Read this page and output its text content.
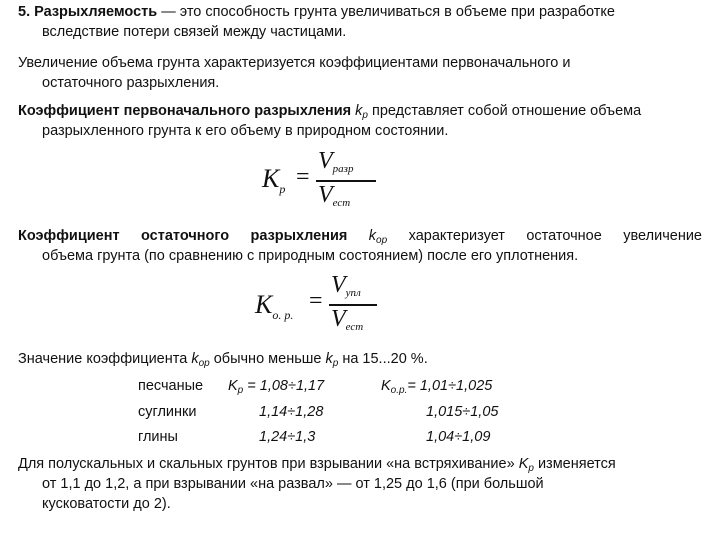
5. Разрыхляемость — это способность грунта увеличиваться в объеме при разработке
вследствие потери связей между частицами.
Увеличение объема грунта характеризуется коэффициентами первоначального и
остаточного разрыхления.
Коэффициент первоначального разрыхления $k_p$ представляет собой отношение объема
разрыхленного грунта к его объему в природном состоянии.
$K_p$ =
$V_{разр}$
$V_{ест}$
Коэффициент остаточного разрыхления $k_{op}$ характеризует остаточное увеличение
объема грунта (по сравнению с природным состоянием) после его уплотнения.
$K_{o. p.}$
=
$V_{упл}$
$V_{ест}$
Значение коэффициента $k_{op}$ обычно меньше $k_p$ на 15...20 %.
песчаные $K_p = 1,08\div 1,17$	$K_{o.p.}= 1,01\div 1,025$
суглинки	1,14÷1,28	1,015÷1,05
глины	1,24÷1,3	1,04÷1,09
Для полускальных и скальных грунтов при взрывании «на встряхивание» $K_p$ изменяется
от 1,1 до 1,2, а при взрывании «на развал» — от 1,25 до 1,6 (при большой
кусковатости до 2).
